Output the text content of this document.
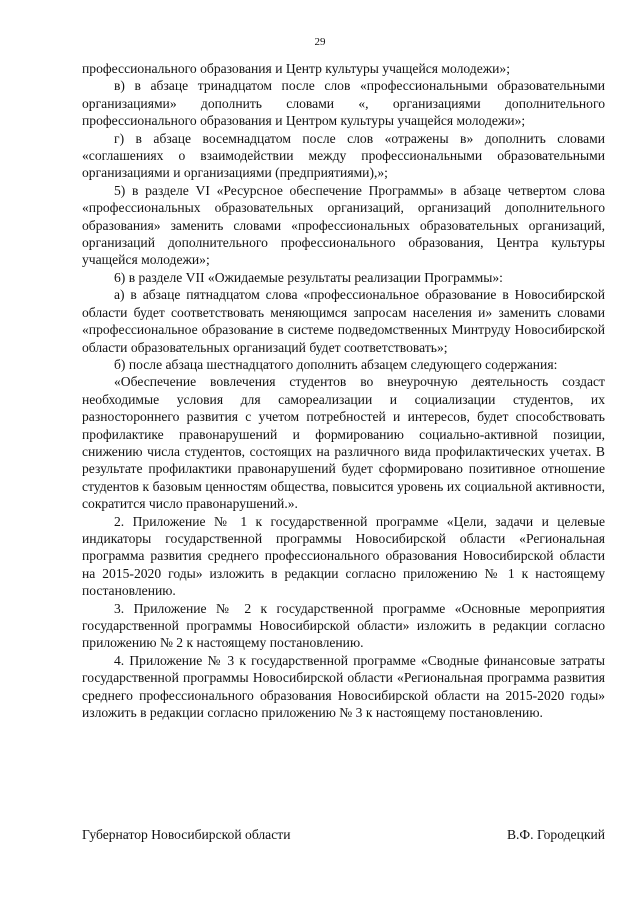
29

профессионального образования и Центр культуры учащейся молодежи»;

в) в абзаце тринадцатом после слов «профессиональными образовательными организациями» дополнить словами «, организациями дополнительного профессионального образования и Центром культуры учащейся молодежи»;

г) в абзаце восемнадцатом после слов «отражены в» дополнить словами «соглашениях о взаимодействии между профессиональными образовательными организациями и организациями (предприятиями),»;

5) в разделе VI «Ресурсное обеспечение Программы» в абзаце четвертом слова «профессиональных образовательных организаций, организаций дополнительного образования» заменить словами «профессиональных образовательных организаций, организаций дополнительного профессионального образования, Центра культуры учащейся молодежи»;

6) в разделе VII «Ожидаемые результаты реализации Программы»:

а) в абзаце пятнадцатом слова «профессиональное образование в Новосибирской области будет соответствовать меняющимся запросам населения и» заменить словами «профессиональное образование в системе подведомственных Минтруду Новосибирской области образовательных организаций будет соответствовать»;

б) после абзаца шестнадцатого дополнить абзацем следующего содержания:

«Обеспечение вовлечения студентов во внеурочную деятельность создаст необходимые условия для самореализации и социализации студентов, их разностороннего развития с учетом потребностей и интересов, будет способствовать профилактике правонарушений и формированию социально-активной позиции, снижению числа студентов, состоящих на различного вида профилактических учетах. В результате профилактики правонарушений будет сформировано позитивное отношение студентов к базовым ценностям общества, повысится уровень их социальной активности, сократится число правонарушений.».

2. Приложение № 1 к государственной программе «Цели, задачи и целевые индикаторы государственной программы Новосибирской области «Региональная программа развития среднего профессионального образования Новосибирской области на 2015-2020 годы» изложить в редакции согласно приложению № 1 к настоящему постановлению.

3. Приложение № 2 к государственной программе «Основные мероприятия государственной программы Новосибирской области» изложить в редакции согласно приложению № 2 к настоящему постановлению.

4. Приложение № 3 к государственной программе «Сводные финансовые затраты государственной программы Новосибирской области «Региональная программа развития среднего профессионального образования Новосибирской области на 2015-2020 годы» изложить в редакции согласно приложению № 3 к настоящему постановлению.

Губернатор Новосибирской области	В.Ф. Городецкий
